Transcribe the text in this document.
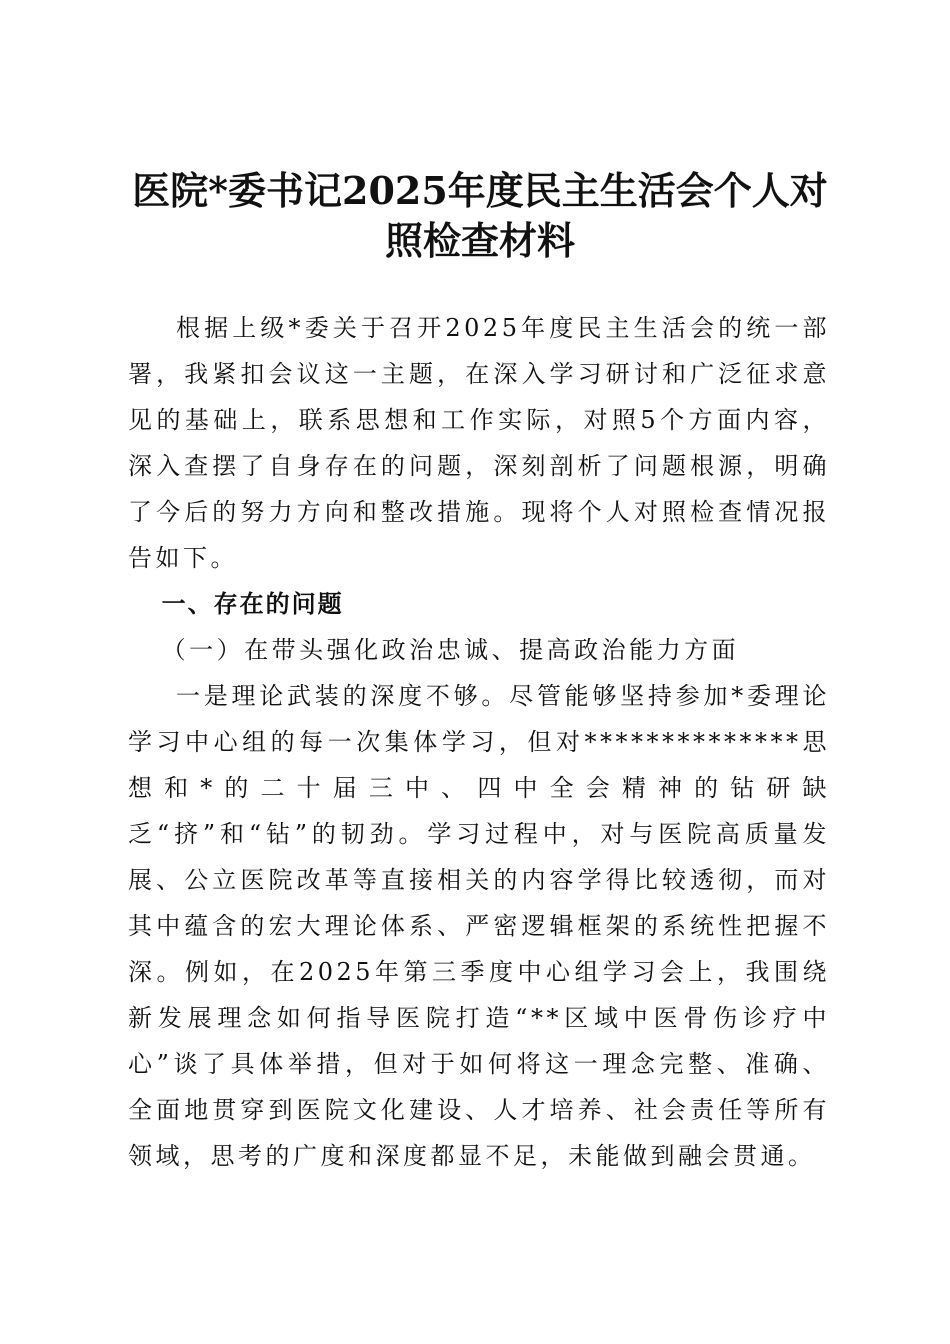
医院*委书记2025年度民主生活会个人对照检查材料

根据上级*委关于召开2025年度民主生活会的统一部署，我紧扣会议这一主题，在深入学习研讨和广泛征求意见的基础上，联系思想和工作实际，对照5个方面内容，深入查摆了自身存在的问题，深刻剖析了问题根源，明确了今后的努力方向和整改措施。现将个人对照检查情况报告如下。

一、存在的问题

（一）在带头强化政治忠诚、提高政治能力方面

一是理论武装的深度不够。尽管能够坚持参加*委理论学习中心组的每一次集体学习，但对**************思想和*的二十届三中、四中全会精神的钻研缺乏“挤”和“钻”的韧劲。学习过程中，对与医院高质量发展、公立医院改革等直接相关的内容学得比较透彻，而对其中蕴含的宏大理论体系、严密逻辑框架的系统性把握不深。例如，在2025年第三季度中心组学习会上，我围绕新发展理念如何指导医院打造“**区域中医骨伤诊疗中心”谈了具体举措，但对于如何将这一理念完整、准确、全面地贯穿到医院文化建设、人才培养、社会责任等所有领域，思考的广度和深度都显不足，未能做到融会贯通。
